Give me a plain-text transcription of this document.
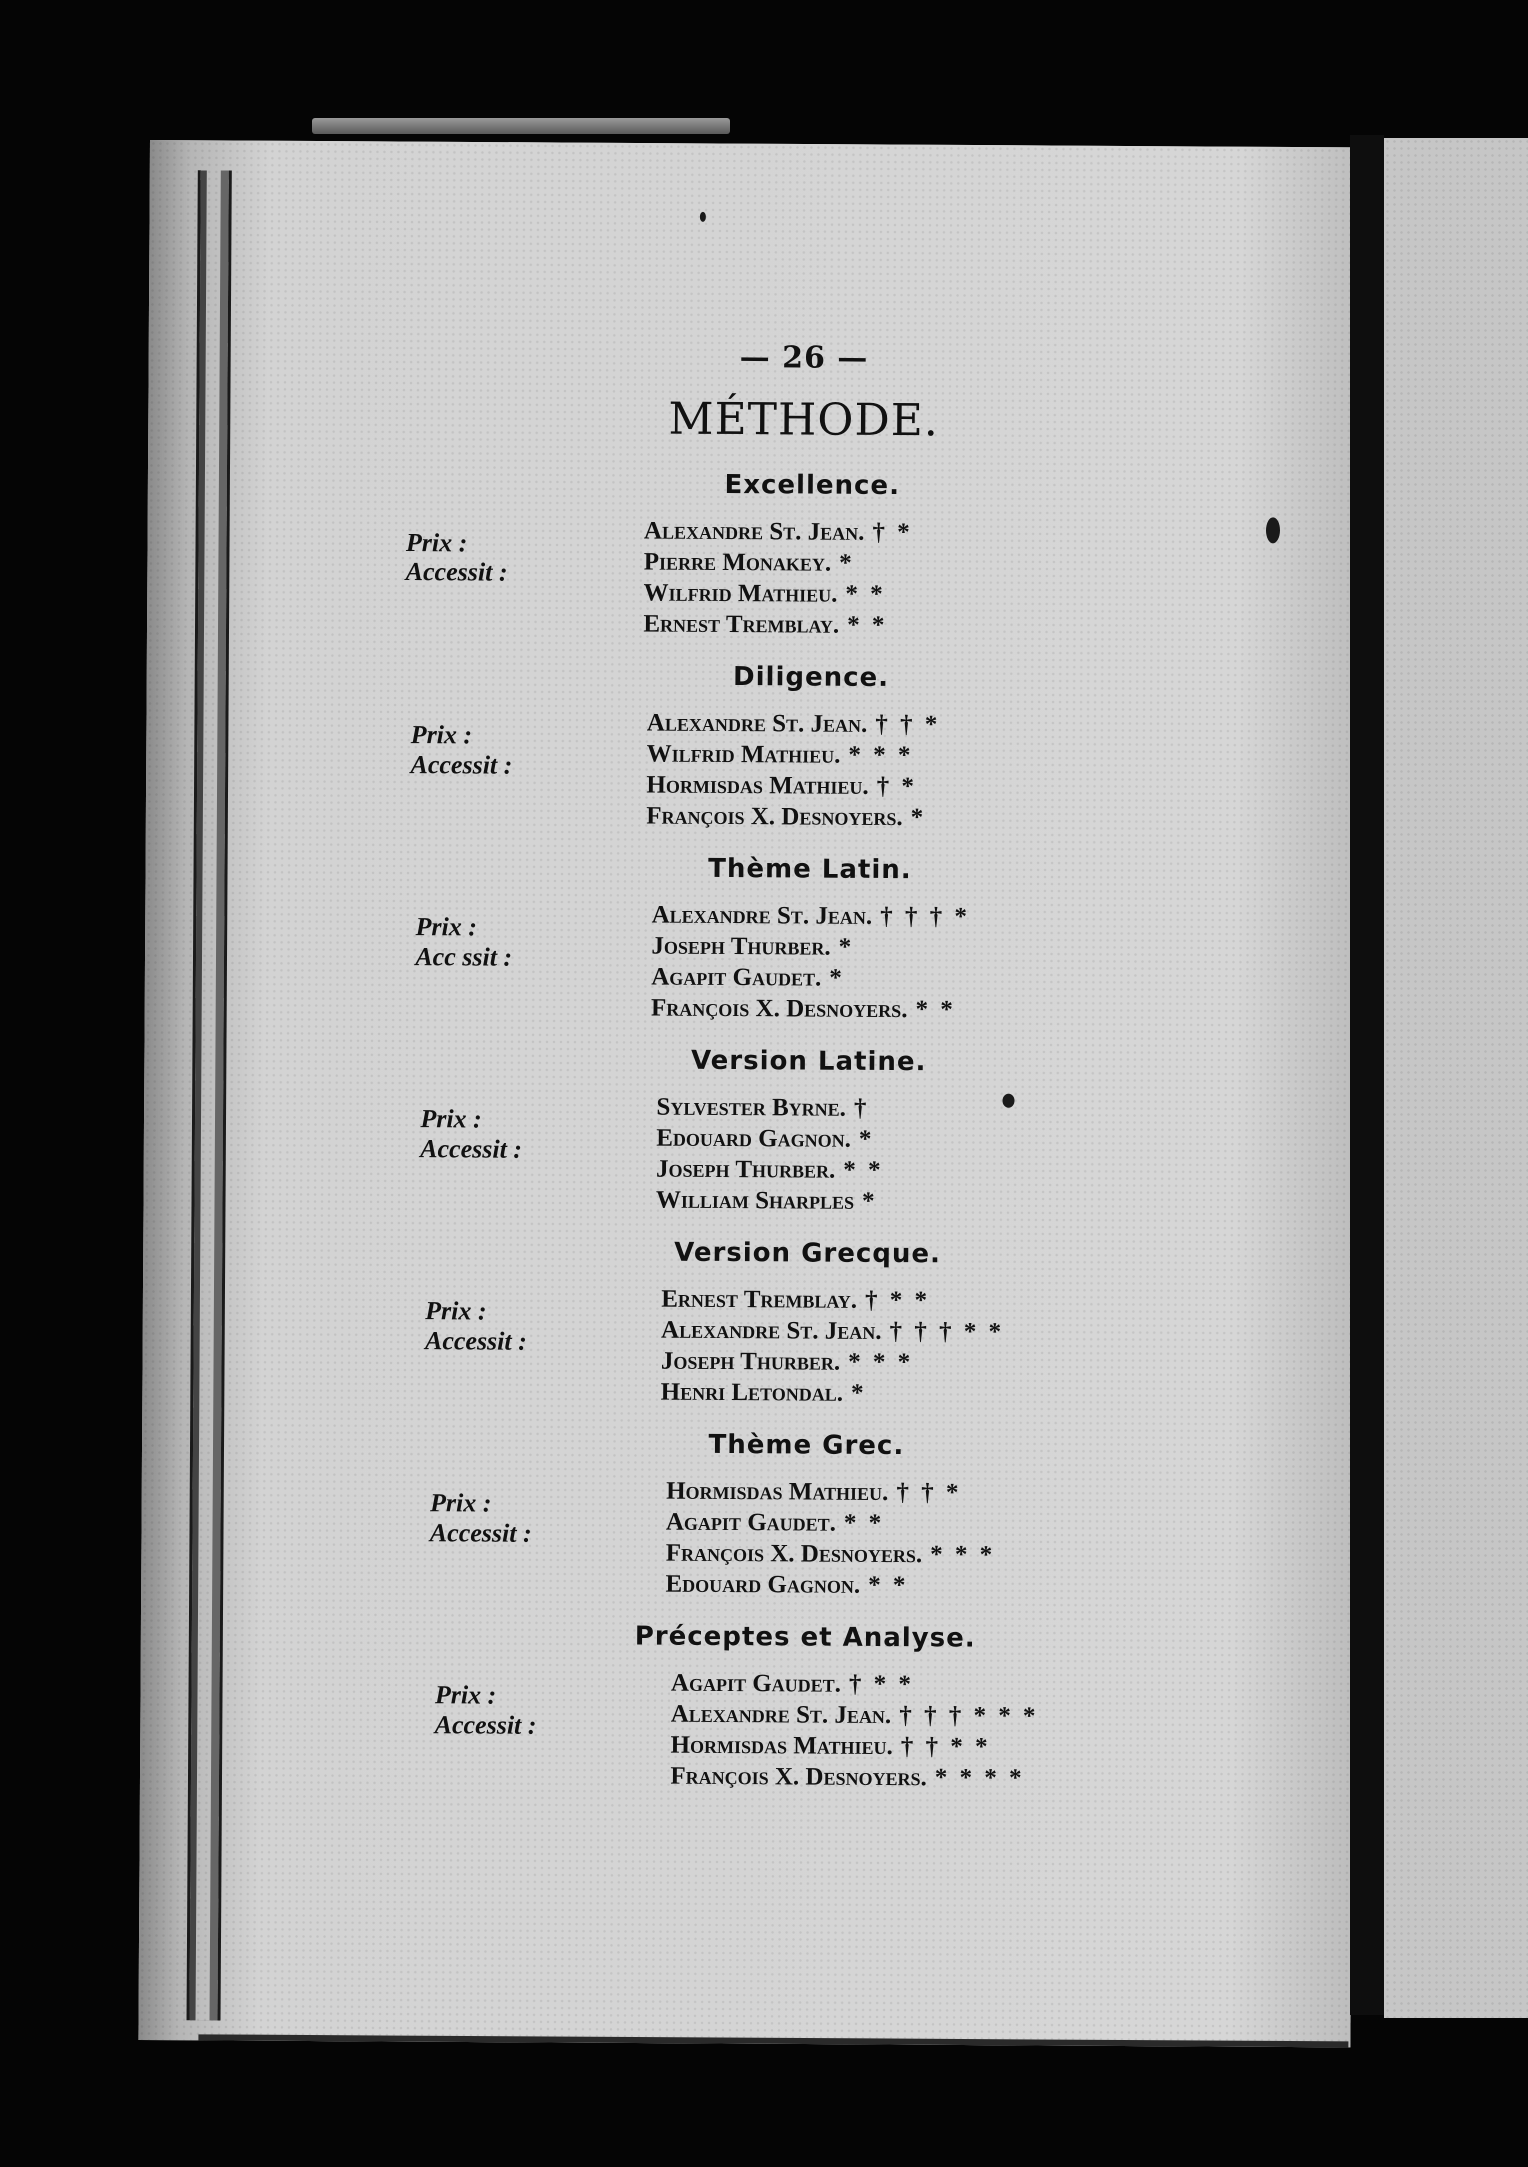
— 26 —
MÉTHODE.
Excellence.
Prix :
Accessit :
Alexandre St. Jean. † *
Pierre Monakey. *
Wilfrid Mathieu. * *
Ernest Tremblay. * *
Diligence.
Prix :
Accessit :
Alexandre St. Jean. † † *
Wilfrid Mathieu. * * *
Hormisdas Mathieu. † *
François X. Desnoyers. *
Thème Latin.
Prix :
Acc ssit :
Alexandre St. Jean. † † † *
Joseph Thurber. *
Agapit Gaudet. *
François X. Desnoyers. * *
Version Latine.
Prix :
Accessit :
Sylvester Byrne. †
Edouard Gagnon. *
Joseph Thurber. * *
William Sharples *
Version Grecque.
Prix :
Accessit :
Ernest Tremblay. † * *
Alexandre St. Jean. † † † * *
Joseph Thurber. * * *
Henri Letondal. *
Thème Grec.
Prix :
Accessit :
Hormisdas Mathieu. † † *
Agapit Gaudet. * *
François X. Desnoyers. * * *
Edouard Gagnon. * *
Préceptes et Analyse.
Prix :
Accessit :
Agapit Gaudet. † * *
Alexandre St. Jean. † † † * * *
Hormisdas Mathieu. † † * *
François X. Desnoyers. * * * *
